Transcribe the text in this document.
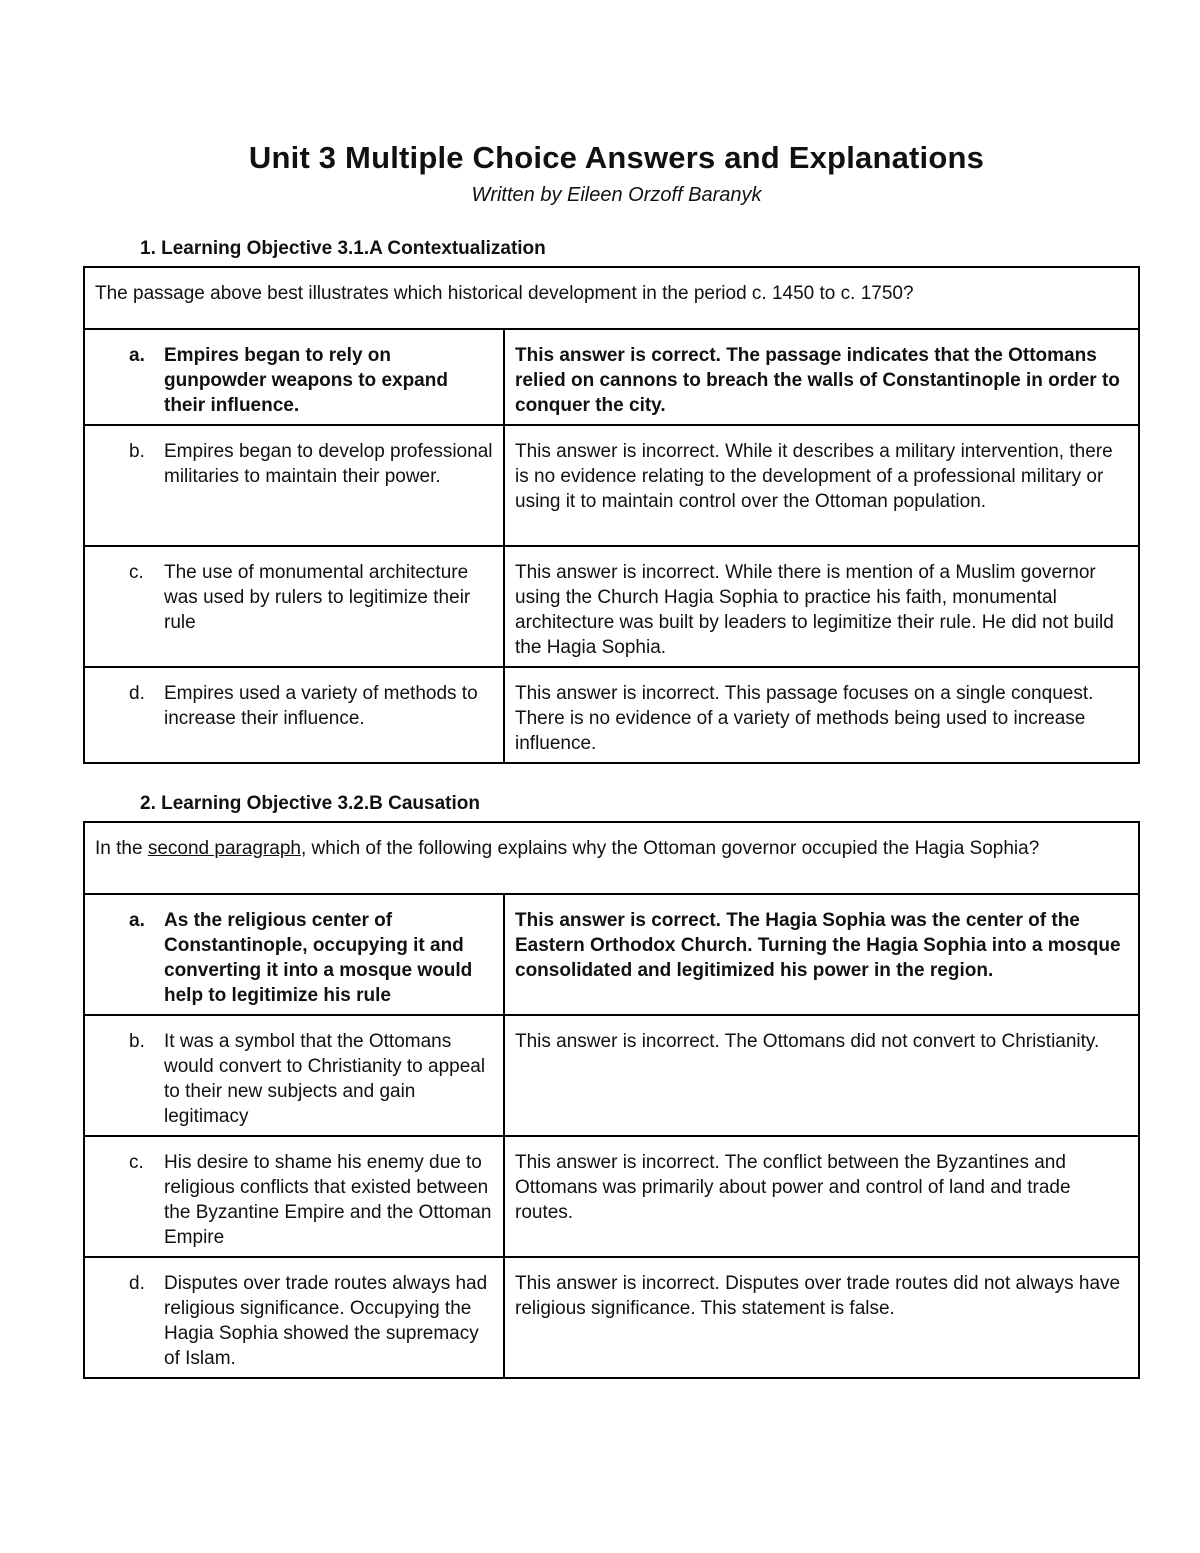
Unit 3 Multiple Choice Answers and Explanations
Written by Eileen Orzoff Baranyk
1. Learning Objective 3.1.A Contextualization
The passage above best illustrates which historical development in the period c. 1450 to c. 1750?	

a. Empires began to rely on gunpowder weapons to expand their influence.	This answer is correct. The passage indicates that the Ottomans relied on cannons to breach the walls of Constantinople in order to conquer the city.

b. Empires began to develop professional militaries to maintain their power.	This answer is incorrect. While it describes a military intervention, there is no evidence relating to the development of a professional military or using it to maintain control over the Ottoman population.

c. The use of monumental architecture was used by rulers to legitimize their rule	This answer is incorrect. While there is mention of a Muslim governor using the Church Hagia Sophia to practice his faith, monumental architecture was built by leaders to legimitize their rule. He did not build the Hagia Sophia.

d. Empires used a variety of methods to increase their influence.	This answer is incorrect. This passage focuses on a single conquest. There is no evidence of a variety of methods being used to increase influence.
2. Learning Objective 3.2.B Causation
In the second paragraph, which of the following explains why the Ottoman governor occupied the Hagia Sophia?	

a. As the religious center of Constantinople, occupying it and converting it into a mosque would help to legitimize his rule	This answer is correct. The Hagia Sophia was the center of the Eastern Orthodox Church. Turning the Hagia Sophia into a mosque consolidated and legitimized his power in the region.

b. It was a symbol that the Ottomans would convert to Christianity to appeal to their new subjects and gain legitimacy	This answer is incorrect. The Ottomans did not convert to Christianity.

c. His desire to shame his enemy due to religious conflicts that existed between the Byzantine Empire and the Ottoman Empire	This answer is incorrect. The conflict between the Byzantines and Ottomans was primarily about power and control of land and trade routes.

d. Disputes over trade routes always had religious significance. Occupying the Hagia Sophia showed the supremacy of Islam.	This answer is incorrect. Disputes over trade routes did not always have religious significance. This statement is false.
